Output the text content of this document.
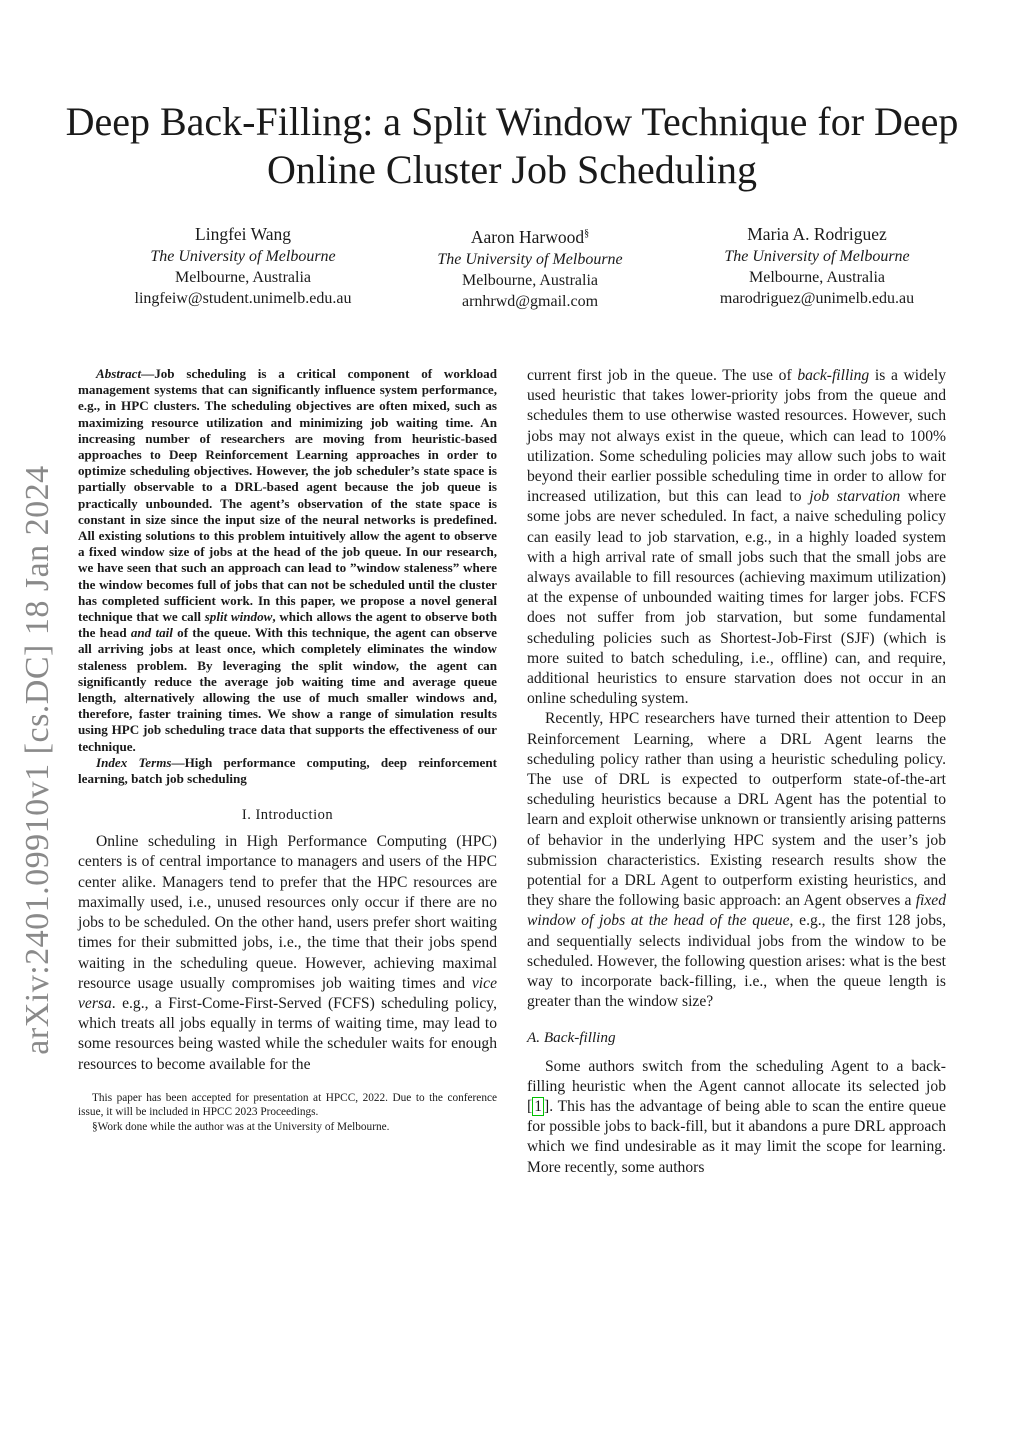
arXiv:2401.09910v1 [cs.DC] 18 Jan 2024
Deep Back-Filling: a Split Window Technique for Deep Online Cluster Job Scheduling
Lingfei Wang
The University of Melbourne
Melbourne, Australia
lingfeiw@student.unimelb.edu.au
Aaron Harwood§
The University of Melbourne
Melbourne, Australia
arnhrwd@gmail.com
Maria A. Rodriguez
The University of Melbourne
Melbourne, Australia
marodriguez@unimelb.edu.au

Abstract—Job scheduling is a critical component of workload management systems that can significantly influence system performance, e.g., in HPC clusters. The scheduling objectives are often mixed, such as maximizing resource utilization and minimizing job waiting time. An increasing number of researchers are moving from heuristic-based approaches to Deep Reinforcement Learning approaches in order to optimize scheduling objectives. However, the job scheduler’s state space is partially observable to a DRL-based agent because the job queue is practically unbounded. The agent’s observation of the state space is constant in size since the input size of the neural networks is predefined. All existing solutions to this problem intuitively allow the agent to observe a fixed window size of jobs at the head of the job queue. In our research, we have seen that such an approach can lead to ”window staleness” where the window becomes full of jobs that can not be scheduled until the cluster has completed sufficient work. In this paper, we propose a novel general technique that we call split window, which allows the agent to observe both the head and tail of the queue. With this technique, the agent can observe all arriving jobs at least once, which completely eliminates the window staleness problem. By leveraging the split window, the agent can significantly reduce the average job waiting time and average queue length, alternatively allowing the use of much smaller windows and, therefore, faster training times. We show a range of simulation results using HPC job scheduling trace data that supports the effectiveness of our technique.

Index Terms—High performance computing, deep reinforcement learning, batch job scheduling

I. Introduction

Online scheduling in High Performance Computing (HPC) centers is of central importance to managers and users of the HPC center alike. Managers tend to prefer that the HPC resources are maximally used, i.e., unused resources only occur if there are no jobs to be scheduled. On the other hand, users prefer short waiting times for their submitted jobs, i.e., the time that their jobs spend waiting in the scheduling queue. However, achieving maximal resource usage usually compromises job waiting times and vice versa. e.g., a First-Come-First-Served (FCFS) scheduling policy, which treats all jobs equally in terms of waiting time, may lead to some resources being wasted while the scheduler waits for enough resources to become available for the

This paper has been accepted for presentation at HPCC, 2022. Due to the conference issue, it will be included in HPCC 2023 Proceedings.

§Work done while the author was at the University of Melbourne.

current first job in the queue. The use of back-filling is a widely used heuristic that takes lower-priority jobs from the queue and schedules them to use otherwise wasted resources. However, such jobs may not always exist in the queue, which can lead to 100% utilization. Some scheduling policies may allow such jobs to wait beyond their earlier possible scheduling time in order to allow for increased utilization, but this can lead to job starvation where some jobs are never scheduled. In fact, a naive scheduling policy can easily lead to job starvation, e.g., in a highly loaded system with a high arrival rate of small jobs such that the small jobs are always available to fill resources (achieving maximum utilization) at the expense of unbounded waiting times for larger jobs. FCFS does not suffer from job starvation, but some fundamental scheduling policies such as Shortest-Job-First (SJF) (which is more suited to batch scheduling, i.e., offline) can, and require, additional heuristics to ensure starvation does not occur in an online scheduling system.

Recently, HPC researchers have turned their attention to Deep Reinforcement Learning, where a DRL Agent learns the scheduling policy rather than using a heuristic scheduling policy. The use of DRL is expected to outperform state-of-the-art scheduling heuristics because a DRL Agent has the potential to learn and exploit otherwise unknown or transiently arising patterns of behavior in the underlying HPC system and the user’s job submission characteristics. Existing research results show the potential for a DRL Agent to outperform existing heuristics, and they share the following basic approach: an Agent observes a fixed window of jobs at the head of the queue, e.g., the first 128 jobs, and sequentially selects individual jobs from the window to be scheduled. However, the following question arises: what is the best way to incorporate back-filling, i.e., when the queue length is greater than the window size?

A. Back-filling

Some authors switch from the scheduling Agent to a back-filling heuristic when the Agent cannot allocate its selected job [ 1 ]. This has the advantage of being able to scan the entire queue for possible jobs to back-fill, but it abandons a pure DRL approach which we find undesirable as it may limit the scope for learning. More recently, some authors
